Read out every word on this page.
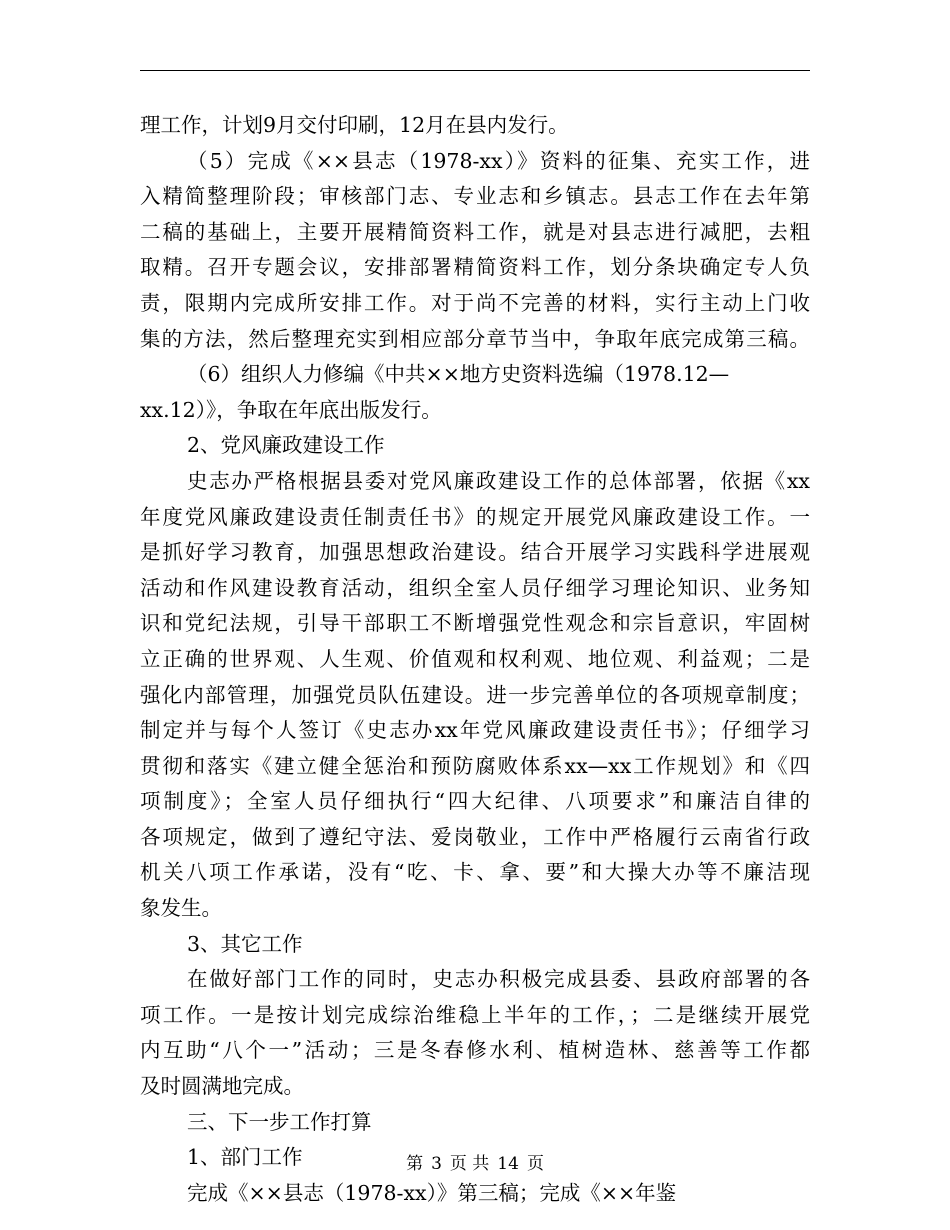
理工作，计划9月交付印刷，12月在县内发行。
（5）完成《××县志（1978-xx）》资料的征集、充实工作，进
入精简整理阶段；审核部门志、专业志和乡镇志。县志工作在去年第
二稿的基础上，主要开展精简资料工作，就是对县志进行减肥，去粗
取精。召开专题会议，安排部署精简资料工作，划分条块确定专人负
责，限期内完成所安排工作。对于尚不完善的材料，实行主动上门收
集的方法，然后整理充实到相应部分章节当中，争取年底完成第三稿。
（6）组织人力修编《中共××地方史资料选编（1978.12—
xx.12）》，争取在年底出版发行。
2、党风廉政建设工作
史志办严格根据县委对党风廉政建设工作的总体部署，依据《xx
年度党风廉政建设责任制责任书》的规定开展党风廉政建设工作。一
是抓好学习教育，加强思想政治建设。结合开展学习实践科学进展观
活动和作风建设教育活动，组织全室人员仔细学习理论知识、业务知
识和党纪法规，引导干部职工不断增强党性观念和宗旨意识，牢固树
立正确的世界观、人生观、价值观和权利观、地位观、利益观；二是
强化内部管理，加强党员队伍建设。进一步完善单位的各项规章制度；
制定并与每个人签订《史志办xx年党风廉政建设责任书》；仔细学习
贯彻和落实《建立健全惩治和预防腐败体系xx—xx工作规划》和《四
项制度》；全室人员仔细执行“四大纪律、八项要求”和廉洁自律的
各项规定，做到了遵纪守法、爱岗敬业，工作中严格履行云南省行政
机关八项工作承诺，没有“吃、卡、拿、要”和大操大办等不廉洁现
象发生。
3、其它工作
在做好部门工作的同时，史志办积极完成县委、县政府部署的各
项工作。一是按计划完成综治维稳上半年的工作，；二是继续开展党
内互助“八个一”活动；三是冬春修水利、植树造林、慈善等工作都
及时圆满地完成。
三、下一步工作打算
1、部门工作
完成《××县志（1978-xx）》第三稿；完成《××年鉴
第 3 页 共 14 页
